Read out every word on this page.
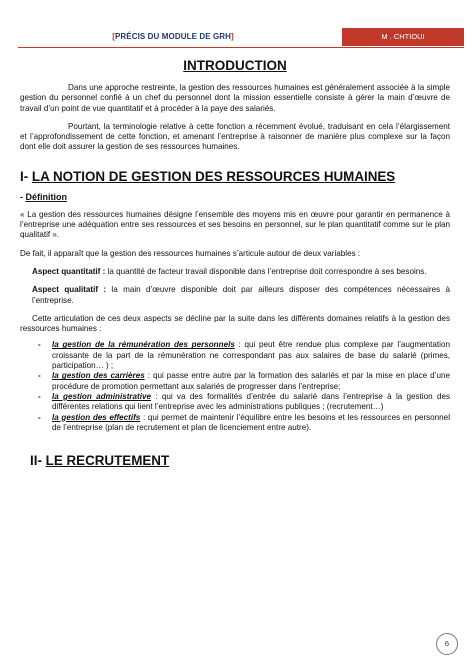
[PRÉCIS DU MODULE DE GRH]	M . CHTIOUI
INTRODUCTION

Dans une approche restreinte, la gestion des ressources humaines est généralement associée à la simple gestion du personnel confié à un chef du personnel dont la mission essentielle consiste à gérer la main d’œuvre de travail d’un point de vue quantitatif et à procéder à la paye des salariés.

Pourtant, la terminologie relative à cette fonction a récemment évolué, traduisant en cela l’élargissement et l’approfondissement de cette fonction, et amenant l’entreprise à raisonner de manière plus complexe sur la façon dont elle doit assurer la gestion de ses ressources humaines.

I- LA NOTION DE GESTION DES RESSOURCES HUMAINES
- Définition

« La gestion des ressources humaines désigne l’ensemble des moyens mis en œuvre pour garantir en permanence à l’entreprise une adéquation entre ses ressources et ses besoins en personnel, sur le plan quantitatif comme sur le plan qualitatif ».

De fait, il apparaît que la gestion des ressources humaines s’articule autour de deux variables :

Aspect quantitatif : la quantité de facteur travail disponible dans l’entreprise doit correspondre à ses besoins.

Aspect qualitatif : la main d’œuvre disponible doit par ailleurs disposer des compétences nécessaires à l’entreprise.

Cette articulation de ces deux aspects se décline par la suite dans les différents domaines relatifs à la gestion des ressources humaines :

- la gestion de la rémunération des personnels : qui peut être rendue plus complexe par l’augmentation croissante de la part de la rémunération ne correspondant pas aux salaires de base du salarié (primes, participation… ) ;
- la gestion des carrières : qui passe entre autre par la formation des salariés et par la mise en place d’une procédure de promotion permettant aux salariés de progresser dans l’entreprise;
- la gestion administrative : qui va des formalités d’entrée du salarié dans l’entreprise à la gestion des différentes relations qui lient l’entreprise avec les administrations publiques ; (recrutement…)
- la gestion des effectifs : qui permet de maintenir l’équilibre entre les besoins et les ressources en personnel de l’entreprise (plan de recrutement et plan de licenciement entre autre).
II- LE RECRUTEMENT
6
